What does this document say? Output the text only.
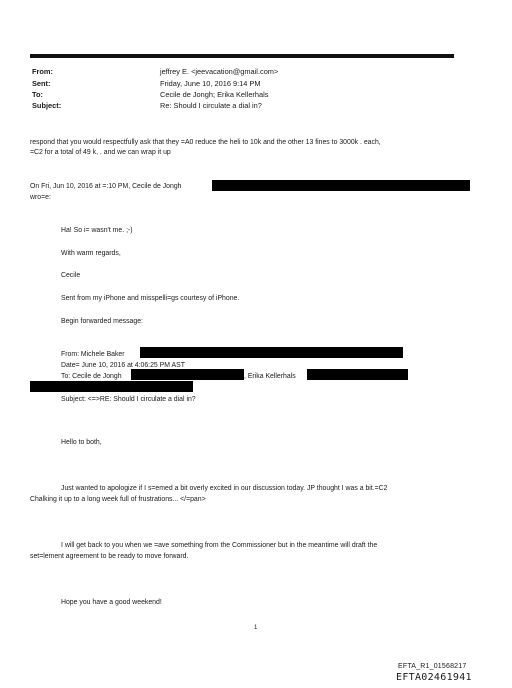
From:	jeffrey E. <jeevacation@gmail.com>
Sent:	Friday, June 10, 2016 9:14 PM
To:	Cecile de Jongh; Erika Kellerhals
Subject:	Re: Should I circulate a dial in?
respond that you would respectfully ask that they =A0 reduce the heli to 10k and the other 13 fines to 3000k . each,
=C2 for a total of 49 k, . and we can wrap it up
On Fri, Jun 10, 2016 at =:10 PM, Cecile de Jongh
wro=e:
Ha! So i= wasn't me. ;-)
With warm regards,
Cecile
Sent from my iPhone and misspelli=gs courtesy of iPhone.
Begin forwarded message:
From: Michele Baker
Date= June 10, 2016 at 4:06:25 PM AST
To: Cecile de Jongh	, Erika Kellerhals
Subject: <=>RE: Should I circulate a dial in?
Hello to both,
Just wanted to apologize if I s=emed a bit overly excited in our discussion today. JP thought I was a bit.=C2
Chalking it up to a long week full of frustrations... </=pan>
I will get back to you when we =ave something from the Commissioner but in the meantime will draft the
set=lement agreement to be ready to move forward.
Hope you have a good weekend!
1
EFTA_R1_01568217
EFTA02461941
